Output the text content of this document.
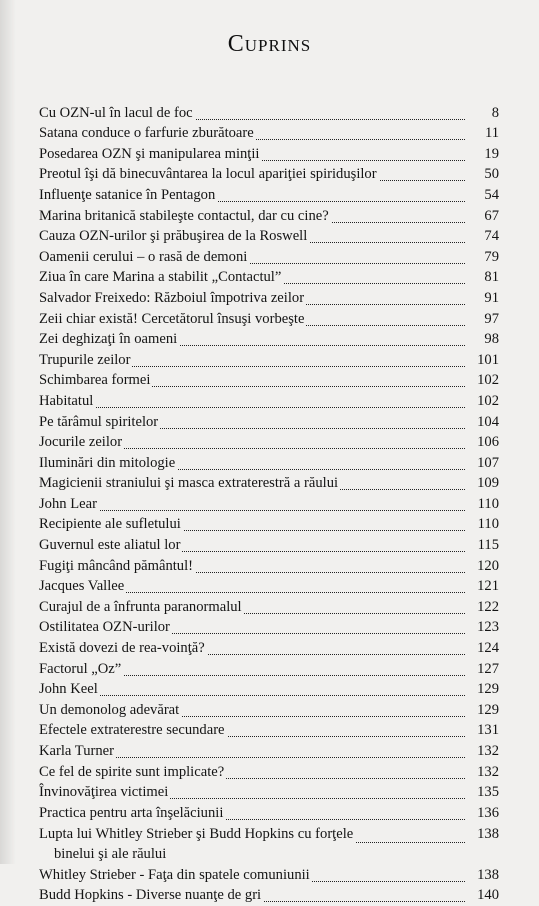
Cuprins
Cu OZN-ul în lacul de foc	8
Satana conduce o farfurie zburătoare	11
Posedarea OZN şi manipularea minţii	19
Preotul îşi dă binecuvântarea la locul apariţiei spiriduşilor	50
Influenţe satanice în Pentagon	54
Marina britanică stabileşte contactul, dar cu cine?	67
Cauza OZN-urilor şi prăbuşirea de la Roswell	74
Oamenii cerului – o rasă de demoni	79
Ziua în care Marina a stabilit „Contactul”	81
Salvador Freixedo: Războiul împotriva zeilor	91
Zeii chiar există! Cercetătorul însuşi vorbeşte	97
Zei deghizaţi în oameni	98
Trupurile zeilor	101
Schimbarea formei	102
Habitatul	102
Pe tărâmul spiritelor	104
Jocurile zeilor	106
Iluminări din mitologie	107
Magicienii straniului şi masca extraterestră a răului	109
John Lear	110
Recipiente ale sufletului	110
Guvernul este aliatul lor	115
Fugiţi mâncând pământul!	120
Jacques Vallee	121
Curajul de a înfrunta paranormalul	122
Ostilitatea OZN-urilor	123
Există dovezi de rea-voinţă?	124
Factorul „Oz”	127
John Keel	129
Un demonolog adevărat	129
Efectele extraterestre secundare	131
Karla Turner	132
Ce fel de spirite sunt implicate?	132
Învinovăţirea victimei	135
Practica pentru arta înşelăciunii	136
Lupta lui Whitley Strieber şi Budd Hopkins cu forţele	138
binelui şi ale răului
Whitley Strieber - Faţa din spatele comuniunii	138
Budd Hopkins - Diverse nuanţe de gri	140
